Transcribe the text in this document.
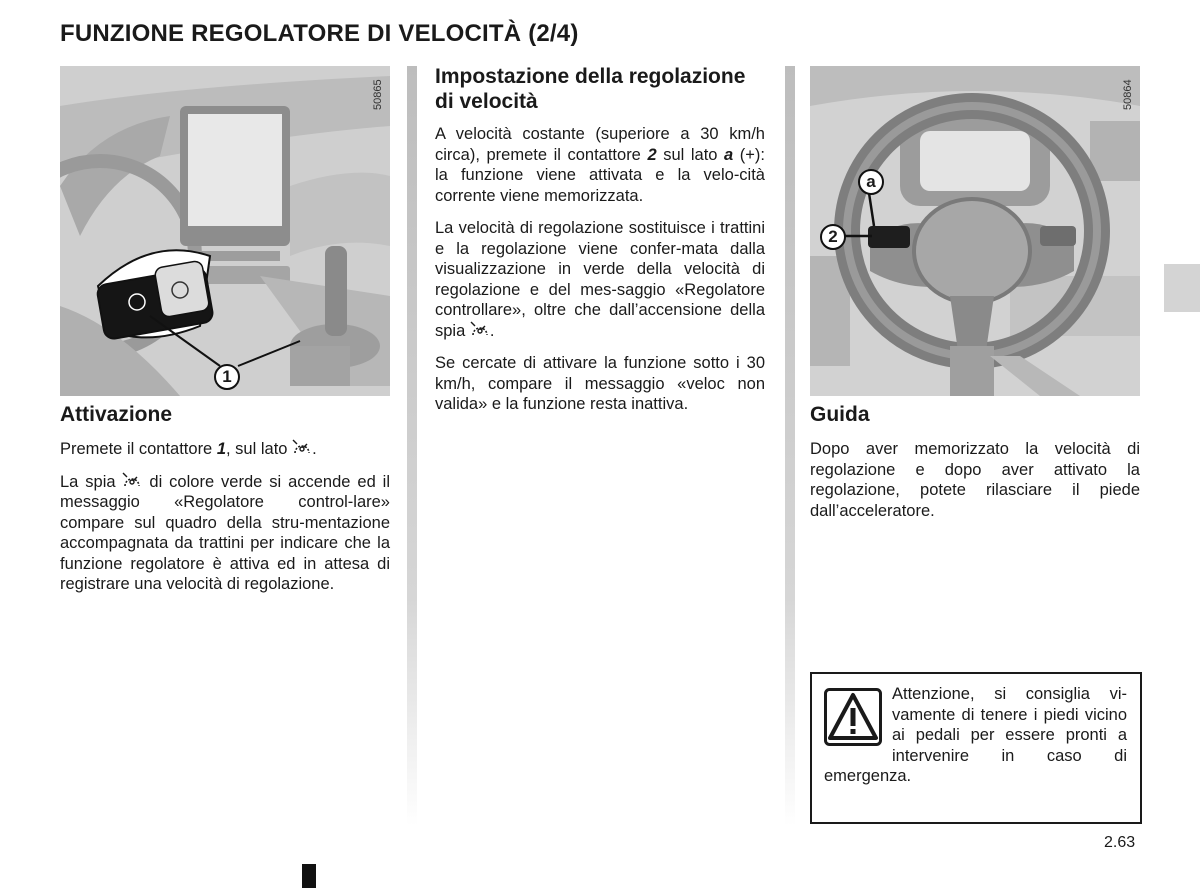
FUNZIONE REGOLATORE DI VELOCITÀ (2/4)
50865
1
50864
a
2
Attivazione

Premete il contattore 1, sul lato .

La spia  di colore verde si accende ed il messaggio «Regolatore control-lare» compare sul quadro della stru-mentazione accompagnata da trattini per indicare che la funzione regolatore è attiva ed in attesa di registrare una velocità di regolazione.

Impostazione della regolazione di velocità

A velocità costante (superiore a 30 km/h circa), premete il contattore 2 sul lato a (+): la funzione viene attivata e la velo-cità corrente viene memorizzata.

La velocità di regolazione sostituisce i trattini e la regolazione viene confer-mata dalla visualizzazione in verde della velocità di regolazione e del mes-saggio «Regolatore controllare», oltre che dall’accensione della spia .

Se cercate di attivare la funzione sotto i 30 km/h, compare il messaggio «veloc non valida» e la funzione resta inattiva.	Guida

Dopo aver memorizzato la velocità di regolazione e dopo aver attivato la regolazione, potete rilasciare il piede dall’acceleratore.

Attenzione, si consiglia vi-vamente di tenere i piedi vicino ai pedali per essere pronti a intervenire in caso di emergenza.
2.63
